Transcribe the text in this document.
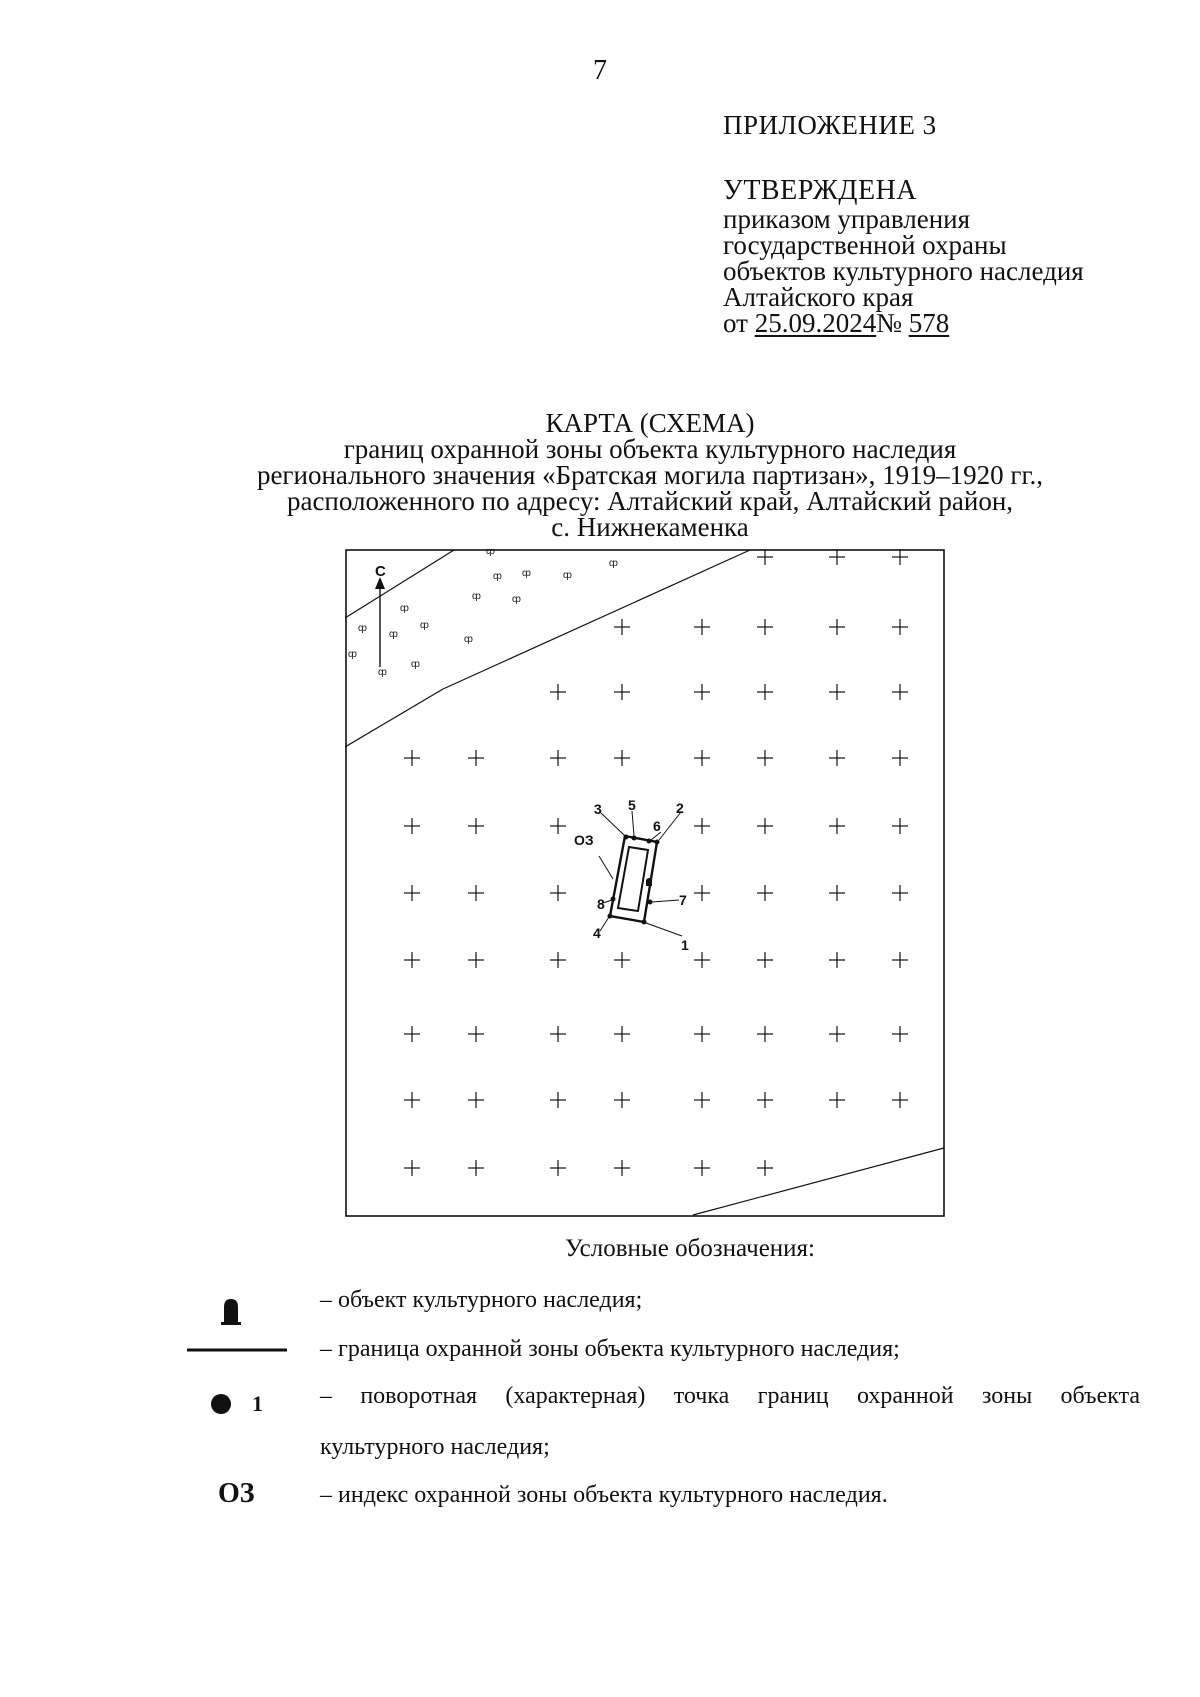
7
ПРИЛОЖЕНИЕ 3
УТВЕРЖДЕНА
приказом управления
государственной охраны
объектов культурного наследия
Алтайского края
от 25.09.2024№ 578
КАРТА (СХЕМА)
границ охранной зоны объекта культурного наследия
регионального значения «Братская могила партизан», 1919–1920 гг.,
расположенного по адресу: Алтайский край, Алтайский район,
с. Нижнекаменка
С
ȹ
ȹ
ȹ
ȹ
ȹ
ȹ
ȹ
ȹ
ȹ
ȹ ȹ
ȹ
ȹ
ȹ
ȹ
1
2
3
4
5
6
7
8
ОЗ
Условные обозначения:
– объект культурного наследия;
– граница охранной зоны объекта культурного наследия;
1 – поворотная (характерная) точка границ охранной зоны объекта
культурного наследия;
ОЗ	– индекс охранной зоны объекта культурного наследия.
